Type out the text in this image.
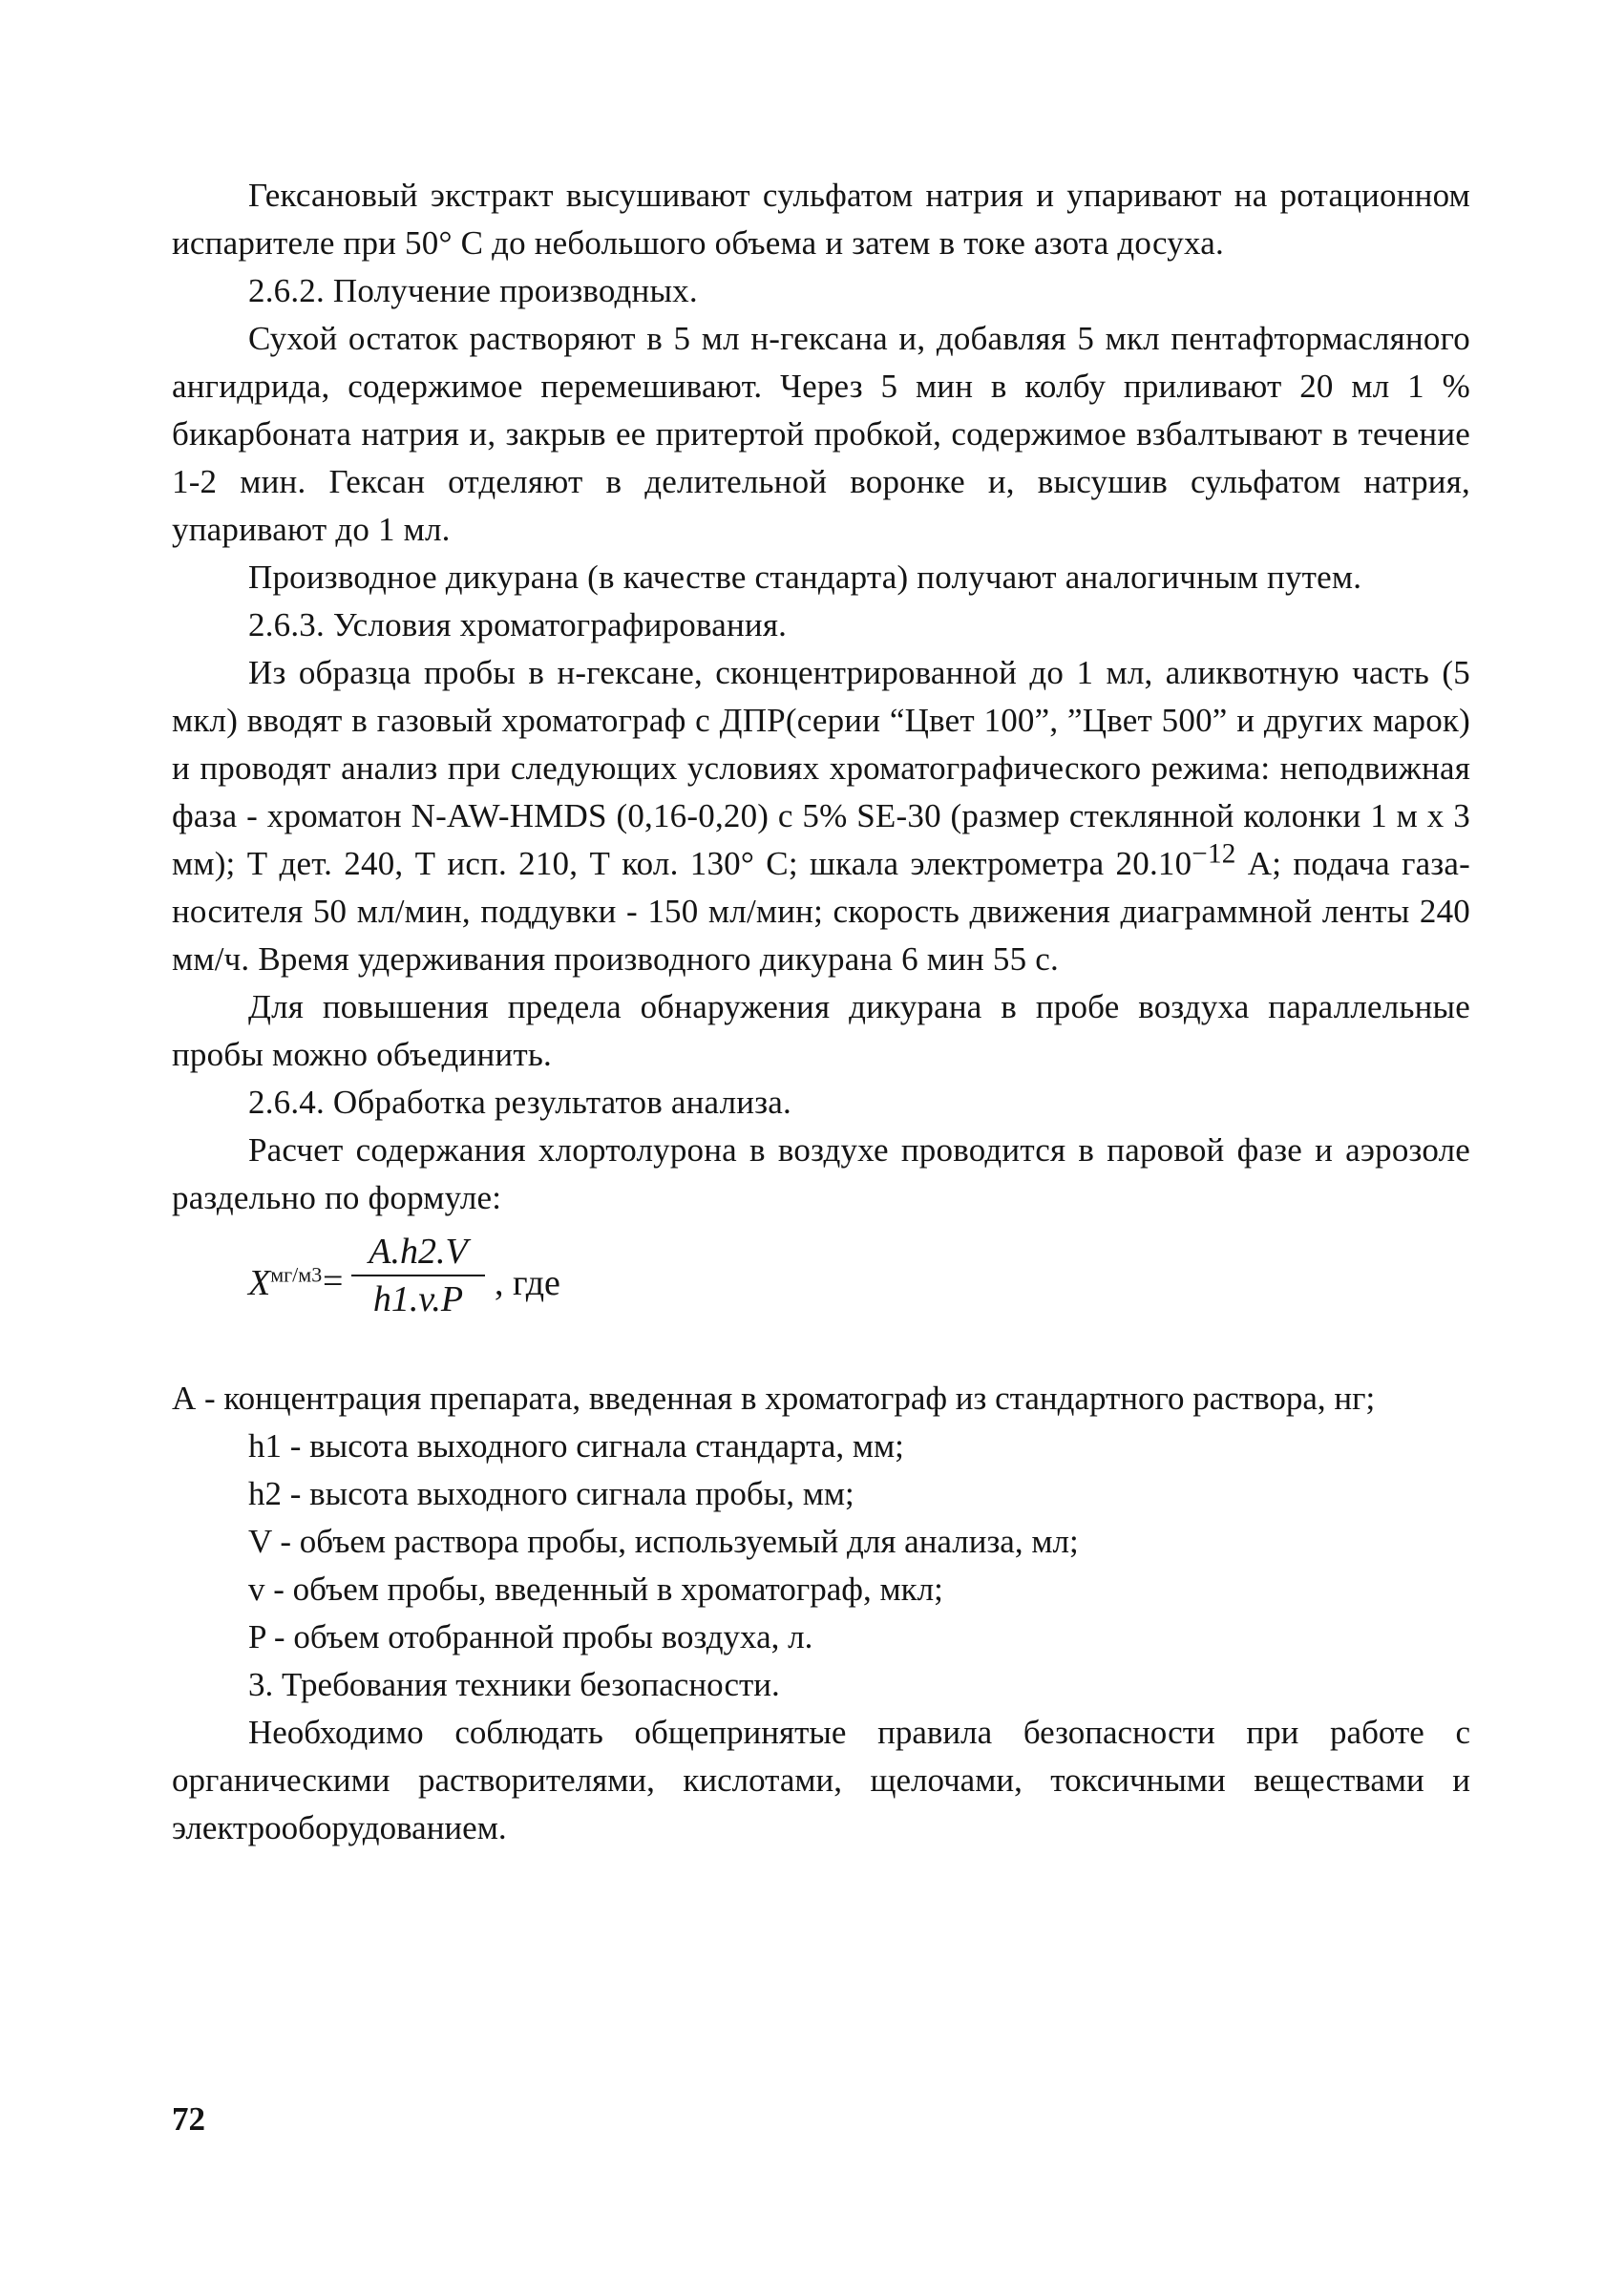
Гексановый экстракт высушивают сульфатом натрия и упаривают на ротационном испарителе при 50° С до небольшого объема и затем в токе азота досуха.

2.6.2. Получение производных.

Сухой остаток растворяют в 5 мл н-гексана и, добавляя 5 мкл пентафтормасляного ангидрида, содержимое перемешивают. Через 5 мин в колбу приливают 20 мл 1 % бикарбоната натрия и, закрыв ее притертой пробкой, содержимое взбалтывают в течение 1-2 мин. Гексан отделяют в делительной воронке и, высушив сульфатом натрия, упаривают до 1 мл.

Производное дикурана (в качестве стандарта) получают аналогичным путем.

2.6.3. Условия хроматографирования.

Из образца пробы в н-гексане, сконцентрированной до 1 мл, аликвотную часть (5 мкл) вводят в газовый хроматограф с ДПР(серии “Цвет 100”, ”Цвет 500” и других марок) и проводят анализ при следующих условиях хроматографического режима: неподвижная фаза - хроматон N-AW-HMDS (0,16-0,20) с 5% SE-30 (размер стеклянной колонки 1 м х 3 мм); Т дет. 240, Т исп. 210, Т кол. 130° С; шкала электрометра $20.10^{-12}$ А; подача газа-носителя 50 мл/мин, поддувки - 150 мл/мин; скорость движения диаграммной ленты 240 мм/ч. Время удерживания производного дикурана 6 мин 55 с.

Для повышения предела обнаружения дикурана в пробе воздуха параллельные пробы можно объединить.

2.6.4. Обработка результатов анализа.

Расчет содержания хлортолурона в воздухе проводится в паровой фазе и аэрозоле раздельно по формуле:

$X^{мг/м3}$ =
A.h2.V
h1.v.P , где

А - концентрация препарата, введенная в хроматограф из стандартного раствора, нг;

h1 - высота выходного сигнала стандарта, мм;

h2 - высота выходного сигнала пробы, мм;

V - объем раствора пробы, используемый для анализа, мл;

v - объем пробы, введенный в хроматограф, мкл;

P - объем отобранной пробы воздуха, л.

3. Требования техники безопасности.

Необходимо соблюдать общепринятые правила безопасности при работе с органическими растворителями, кислотами, щелочами, токсичными веществами и электрооборудованием.

72
